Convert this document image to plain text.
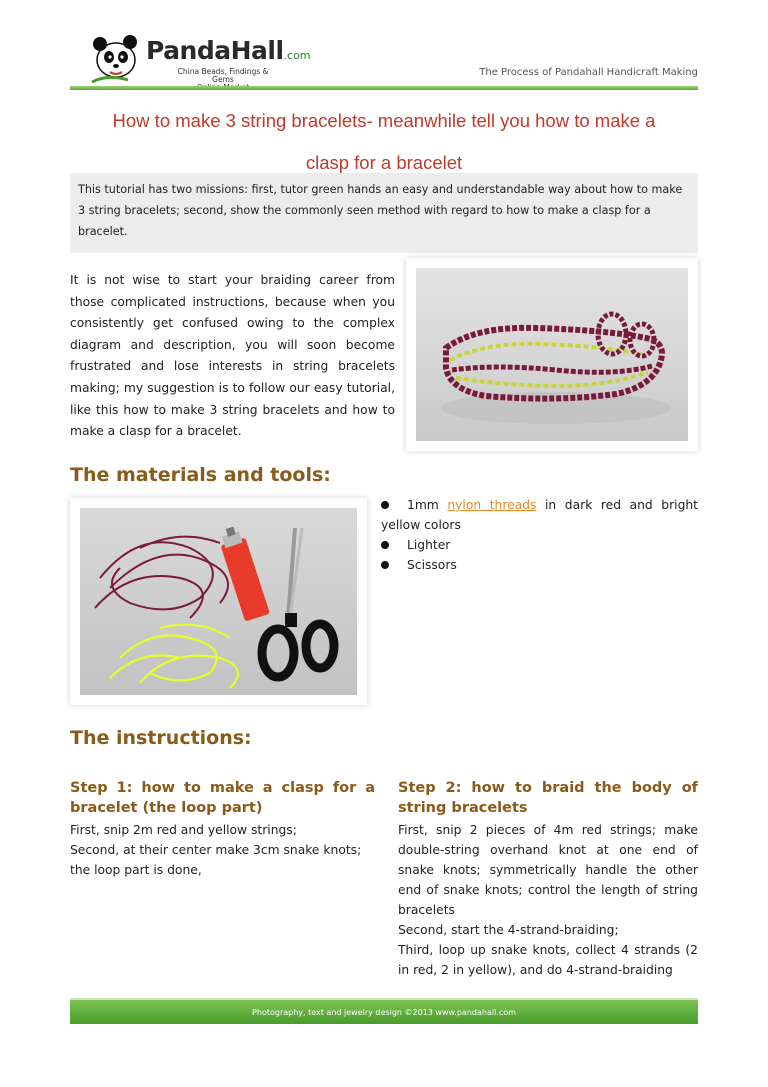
PandaHall.com
China Beads, Findings & Gems
The Process of Pandahall Handicraft Making
How to make 3 string bracelets- meanwhile tell you how to make a
clasp for a bracelet
This tutorial has two missions: first, tutor green hands an easy and understandable way about how to make 3 string bracelets; second, show the commonly seen method with regard to how to make a clasp for a bracelet.
It is not wise to start your braiding career from those complicated instructions, because when you consistently get confused owing to the complex diagram and description, you will soon become frustrated and lose interests in string bracelets making; my suggestion is to follow our easy tutorial, like this how to make 3 string bracelets and how to make a clasp for a bracelet.
The materials and tools:
1mm nylon threads in dark red and bright
yellow colors
Lighter
Scissors
The instructions:
Step 1: how to make a clasp for a bracelet (the loop part)
First, snip 2m red and yellow strings;
Second, at their center make 3cm snake knots;
the loop part is done,
Step 2: how to braid the body of string bracelets
First, snip 2 pieces of 4m red strings; make double-string overhand knot at one end of snake knots; symmetrically handle the other end of snake knots; control the length of string bracelets
Second, start the 4-strand-braiding;
Third, loop up snake knots, collect 4 strands (2 in red, 2 in yellow), and do 4-strand-braiding
Photography, text and jewelry design ©2013 www.pandahall.com
